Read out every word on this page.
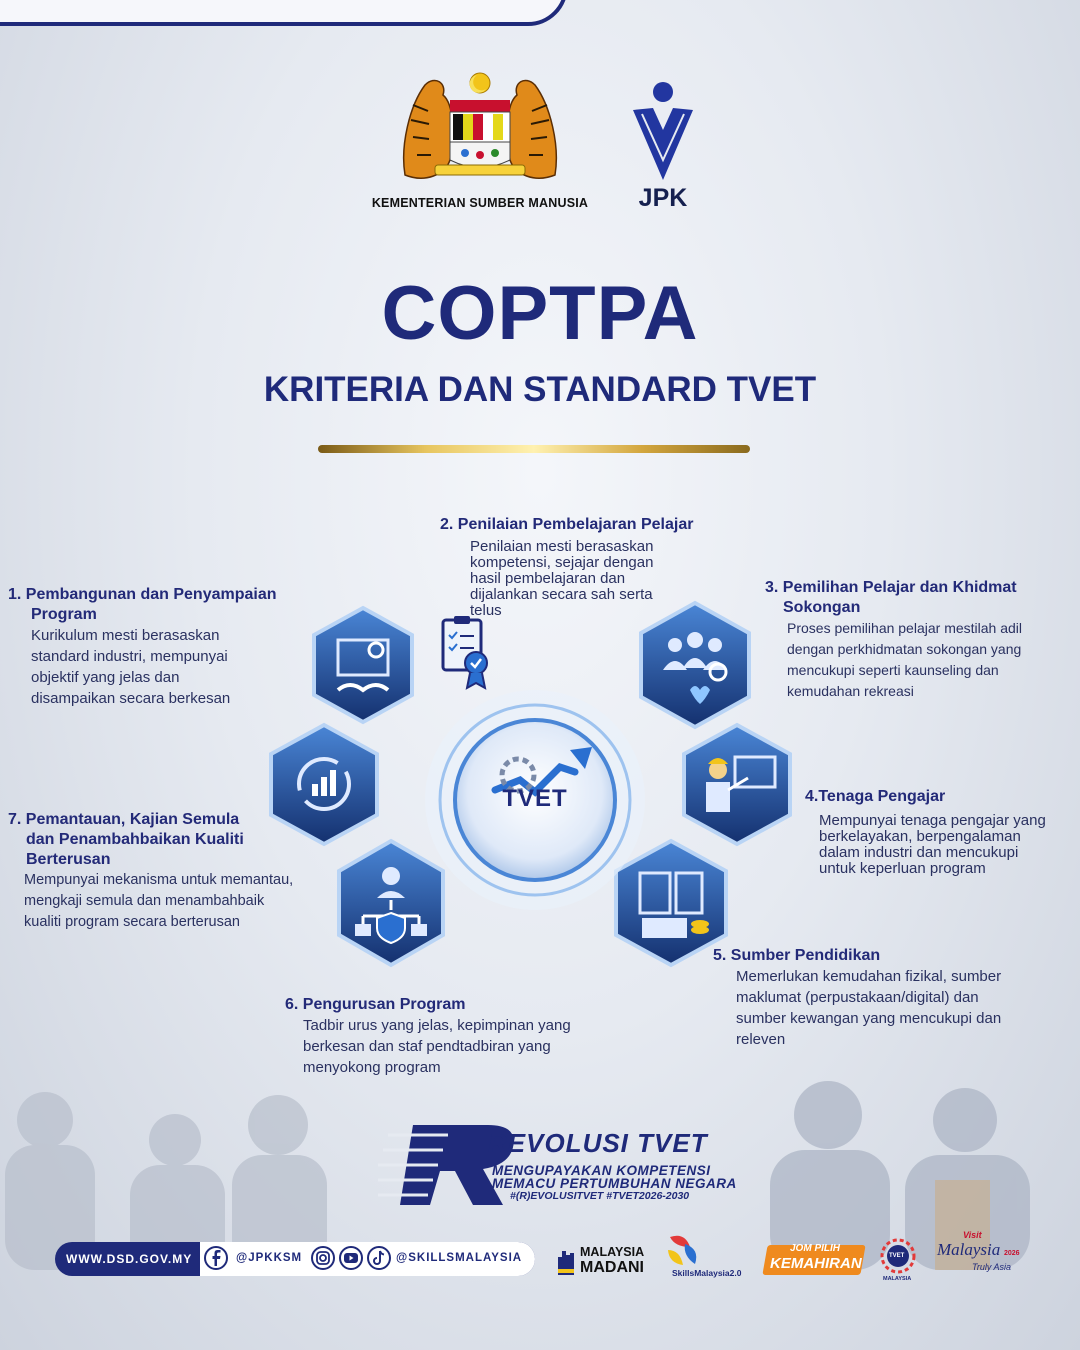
KEMENTERIAN SUMBER MANUSIA	JPK
COPTPA
KRITERIA DAN STANDARD TVET
1. Pembangunan dan Penyampaian
Program
Kurikulum mesti berasaskan
standard industri, mempunyai
objektif yang jelas dan
disampaikan secara berkesan
2. Penilaian Pembelajaran Pelajar
Penilaian mesti berasaskan
kompetensi, sejajar dengan
hasil pembelajaran dan
dijalankan secara sah serta
telus
3. Pemilihan Pelajar dan Khidmat
Sokongan
Proses pemilihan pelajar mestilah adil
dengan perkhidmatan sokongan yang
mencukupi seperti kaunseling dan
kemudahan rekreasi
4.Tenaga Pengajar
Mempunyai tenaga pengajar yang
berkelayakan, berpengalaman
dalam industri dan mencukupi
untuk keperluan program
5. Sumber Pendidikan
Memerlukan kemudahan fizikal, sumber
maklumat (perpustakaan/digital) dan
sumber kewangan yang mencukupi dan
releven
6. Pengurusan Program
Tadbir urus yang jelas, kepimpinan yang
berkesan dan staf pendtadbiran yang
menyokong program
7. Pemantauan, Kajian Semula
dan Penambahbaikan Kualiti
Berterusan
Mempunyai mekanisma untuk memantau,
mengkaji semula dan menambahbaik
kualiti program secara berterusan
TVET
REVOLUSI TVET
MENGUPAYAKAN KOMPETENSI
MEMACU PERTUMBUHAN NEGARA
#(R)EVOLUSITVET #TVET2026-2030
WWW.DSD.GOV.MY	@JPKKSM	@SKILLSMALAYSIA	MALAYSIA
MADANI	SkillsMalaysia2.0
JOM PILIH
KEMAHIRAN	TVET
MALAYSIA
Visit
Malaysia 2026
Truly Asia
